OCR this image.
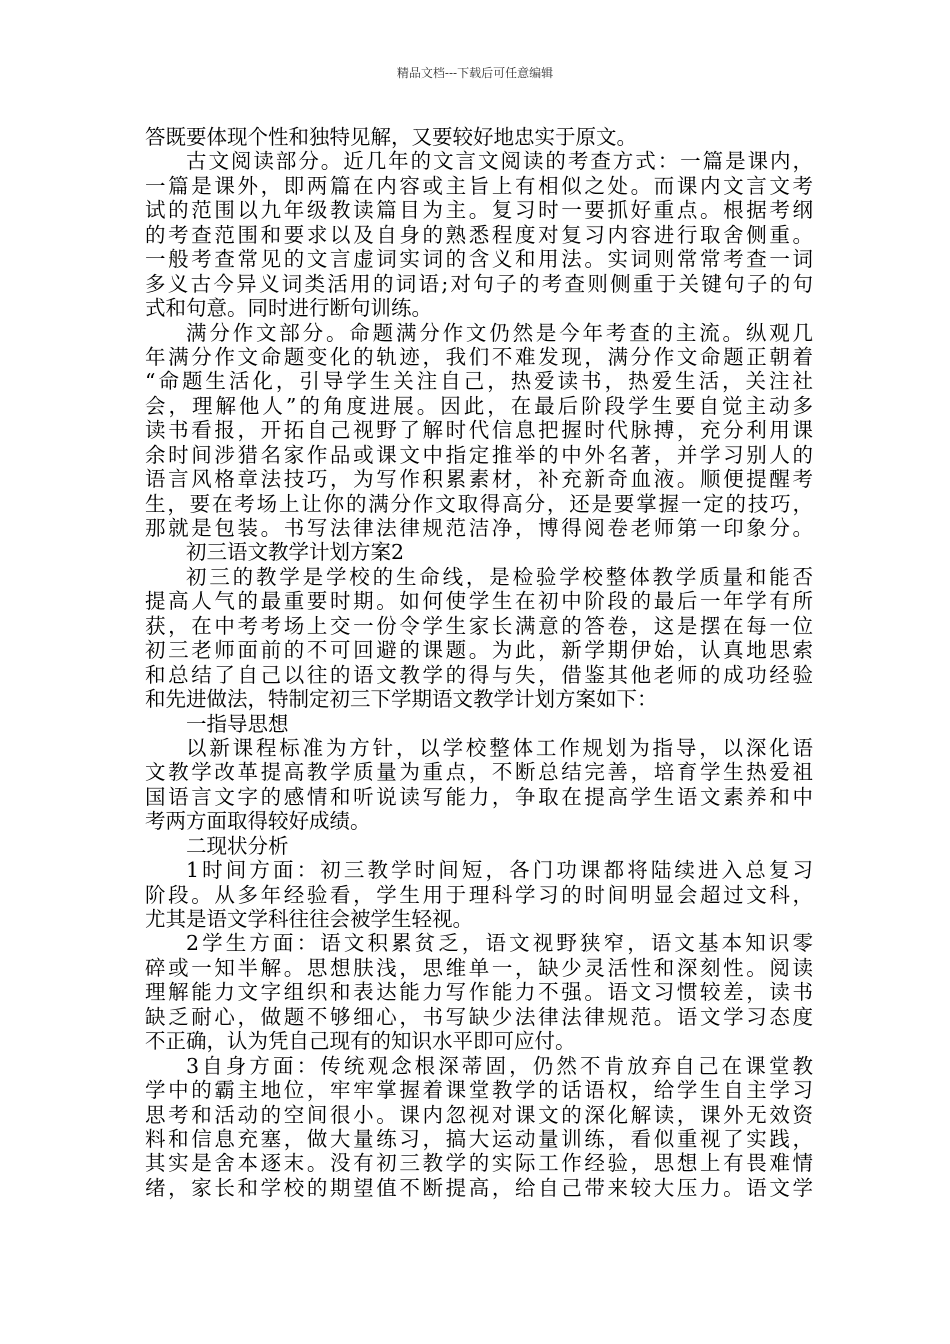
精品文档---下载后可任意编辑
答既要体现个性和独特见解，又要较好地忠实于原文。
古文阅读部分。近几年的文言文阅读的考查方式：一篇是课内，
一篇是课外，即两篇在内容或主旨上有相似之处。而课内文言文考
试的范围以九年级教读篇目为主。复习时一要抓好重点。根据考纲
的考查范围和要求以及自身的熟悉程度对复习内容进行取舍侧重。
一般考查常见的文言虚词实词的含义和用法。实词则常常考查一词
多义古今异义词类活用的词语;对句子的考查则侧重于关键句子的句
式和句意。同时进行断句训练。
满分作文部分。命题满分作文仍然是今年考查的主流。纵观几
年满分作文命题变化的轨迹，我们不难发现，满分作文命题正朝着
“命题生活化，引导学生关注自己，热爱读书，热爱生活，关注社
会，理解他人”的角度进展。因此，在最后阶段学生要自觉主动多
读书看报，开拓自己视野了解时代信息把握时代脉搏，充分利用课
余时间涉猎名家作品或课文中指定推举的中外名著，并学习别人的
语言风格章法技巧，为写作积累素材，补充新奇血液。顺便提醒考
生，要在考场上让你的满分作文取得高分，还是要掌握一定的技巧，
那就是包装。书写法律法律规范洁净，博得阅卷老师第一印象分。
初三语文教学计划方案2
初三的教学是学校的生命线，是检验学校整体教学质量和能否
提高人气的最重要时期。如何使学生在初中阶段的最后一年学有所
获，在中考考场上交一份令学生家长满意的答卷，这是摆在每一位
初三老师面前的不可回避的课题。为此，新学期伊始，认真地思索
和总结了自己以往的语文教学的得与失，借鉴其他老师的成功经验
和先进做法，特制定初三下学期语文教学计划方案如下：
一指导思想
以新课程标准为方针，以学校整体工作规划为指导，以深化语
文教学改革提高教学质量为重点，不断总结完善，培育学生热爱祖
国语言文字的感情和听说读写能力，争取在提高学生语文素养和中
考两方面取得较好成绩。
二现状分析
1时间方面：初三教学时间短，各门功课都将陆续进入总复习
阶段。从多年经验看，学生用于理科学习的时间明显会超过文科，
尤其是语文学科往往会被学生轻视。
2学生方面：语文积累贫乏，语文视野狭窄，语文基本知识零
碎或一知半解。思想肤浅，思维单一，缺少灵活性和深刻性。阅读
理解能力文字组织和表达能力写作能力不强。语文习惯较差，读书
缺乏耐心，做题不够细心，书写缺少法律法律规范。语文学习态度
不正确，认为凭自己现有的知识水平即可应付。
3自身方面：传统观念根深蒂固，仍然不肯放弃自己在课堂教
学中的霸主地位，牢牢掌握着课堂教学的话语权，给学生自主学习
思考和活动的空间很小。课内忽视对课文的深化解读，课外无效资
料和信息充塞，做大量练习，搞大运动量训练，看似重视了实践，
其实是舍本逐末。没有初三教学的实际工作经验，思想上有畏难情
绪，家长和学校的期望值不断提高，给自己带来较大压力。语文学
